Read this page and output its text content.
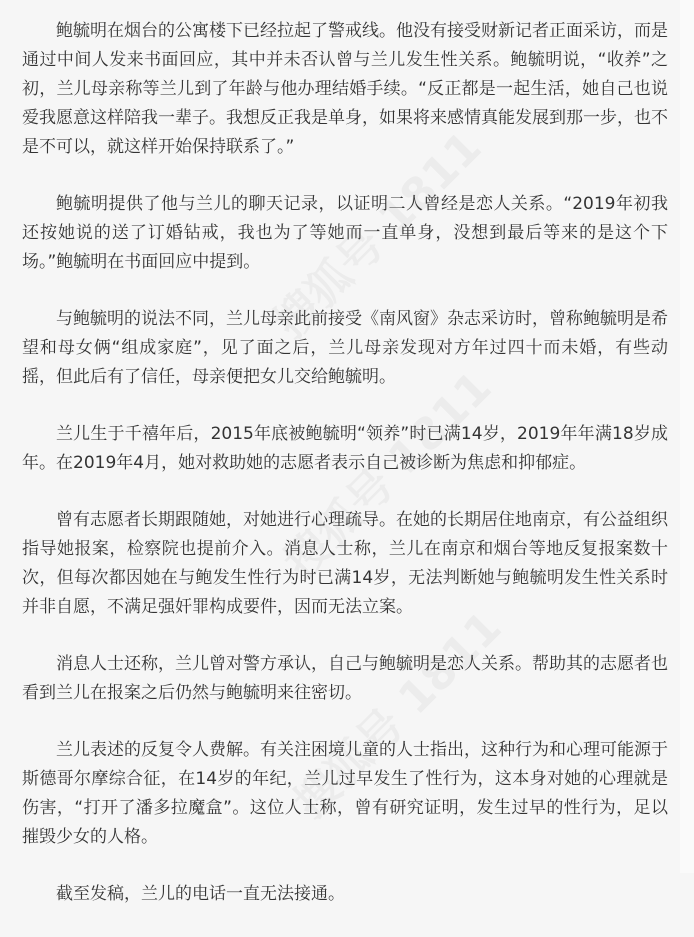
鲍毓明在烟台的公寓楼下已经拉起了警戒线。他没有接受财新记者正面采访，而是通过中间人发来书面回应，其中并未否认曾与兰儿发生性关系。鲍毓明说，“收养”之初，兰儿母亲称等兰儿到了年龄与他办理结婚手续。“反正都是一起生活，她自己也说爱我愿意这样陪我一辈子。我想反正我是单身，如果将来感情真能发展到那一步，也不是不可以，就这样开始保持联系了。”

鲍毓明提供了他与兰儿的聊天记录，以证明二人曾经是恋人关系。“2019年初我还按她说的送了订婚钻戒，我也为了等她而一直单身，没想到最后等来的是这个下场。”鲍毓明在书面回应中提到。

与鲍毓明的说法不同，兰儿母亲此前接受《南风窗》杂志采访时，曾称鲍毓明是希望和母女俩“组成家庭”，见了面之后，兰儿母亲发现对方年过四十而未婚，有些动摇，但此后有了信任，母亲便把女儿交给鲍毓明。

兰儿生于千禧年后，2015年底被鲍毓明“领养”时已满14岁，2019年年满18岁成年。在2019年4月，她对救助她的志愿者表示自己被诊断为焦虑和抑郁症。

曾有志愿者长期跟随她，对她进行心理疏导。在她的长期居住地南京，有公益组织指导她报案，检察院也提前介入。消息人士称，兰儿在南京和烟台等地反复报案数十次，但每次都因她在与鲍发生性行为时已满14岁，无法判断她与鲍毓明发生性关系时并非自愿，不满足强奸罪构成要件，因而无法立案。

消息人士还称，兰儿曾对警方承认，自己与鲍毓明是恋人关系。帮助其的志愿者也看到兰儿在报案之后仍然与鲍毓明来往密切。

兰儿表述的反复令人费解。有关注困境儿童的人士指出，这种行为和心理可能源于斯德哥尔摩综合征，在14岁的年纪，兰儿过早发生了性行为，这本身对她的心理就是伤害，“打开了潘多拉魔盒”。这位人士称，曾有研究证明，发生过早的性行为，足以摧毁少女的人格。

截至发稿，兰儿的电话一直无法接通。
